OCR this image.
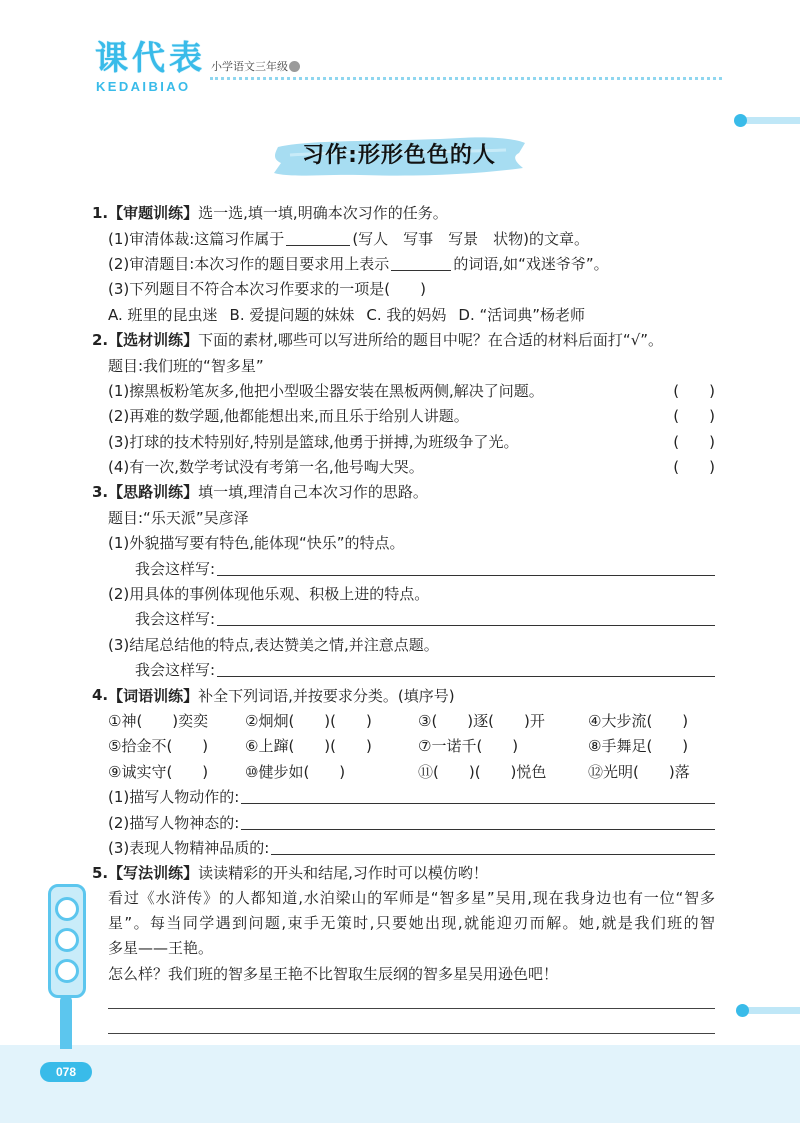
课代表
KEDAIBIAO
小学语文三年级
习作:形形色色的人
1. 【审题训练】 选一选,填一填,明确本次习作的任务。
(1)审清体裁:这篇习作属于	(写人　写事　写景　状物)的文章。
(2)审清题目:本次习作的题目要求用上表示	的词语,如“戏迷爷爷”。
(3)下列题目不符合本次习作要求的一项是(　　)
A. 班里的昆虫迷 B. 爱提问题的妹妹 C. 我的妈妈 D. “活词典”杨老师
2. 【选材训练】 下面的素材,哪些可以写进所给的题目中呢？在合适的材料后面打“√”。
题目:我们班的“智多星”
(1)擦黑板粉笔灰多,他把小型吸尘器安装在黑板两侧,解决了问题。	(　　)
(2)再难的数学题,他都能想出来,而且乐于给别人讲题。	(　　)
(3)打球的技术特别好,特别是篮球,他勇于拼搏,为班级争了光。	(　　)
(4)有一次,数学考试没有考第一名,他号啕大哭。	(　　)
3. 【思路训练】 填一填,理清自己本次习作的思路。
题目:“乐天派”吴彦泽
(1)外貌描写要有特色,能体现“快乐”的特点。
我会这样写:
(2)用具体的事例体现他乐观、积极上进的特点。
我会这样写:
(3)结尾总结他的特点,表达赞美之情,并注意点题。
我会这样写:
4. 【词语训练】 补全下列词语,并按要求分类。(填序号)
①神(　　)奕奕	②炯炯(　　)(　　)	③(　　)逐(　　)开	④大步流(　　)
⑤拾金不(　　)	⑥上蹿(　　)(　　)	⑦一诺千(　　)	⑧手舞足(　　)
⑨诚实守(　　)	⑩健步如(　　)	⑪(　　)(　　)悦色	⑫光明(　　)落
(1)描写人物动作的:
(2)描写人物神态的:
(3)表现人物精神品质的:
5. 【写法训练】 读读精彩的开头和结尾,习作时可以模仿哟！
看过《水浒传》的人都知道,水泊梁山的军师是“智多星”吴用,现在我身边也有一位“智多
星”。每当同学遇到问题,束手无策时,只要她出现,就能迎刃而解。她,就是我们班的智
多星——王艳。
怎么样？我们班的智多星王艳不比智取生辰纲的智多星吴用逊色吧！
078
